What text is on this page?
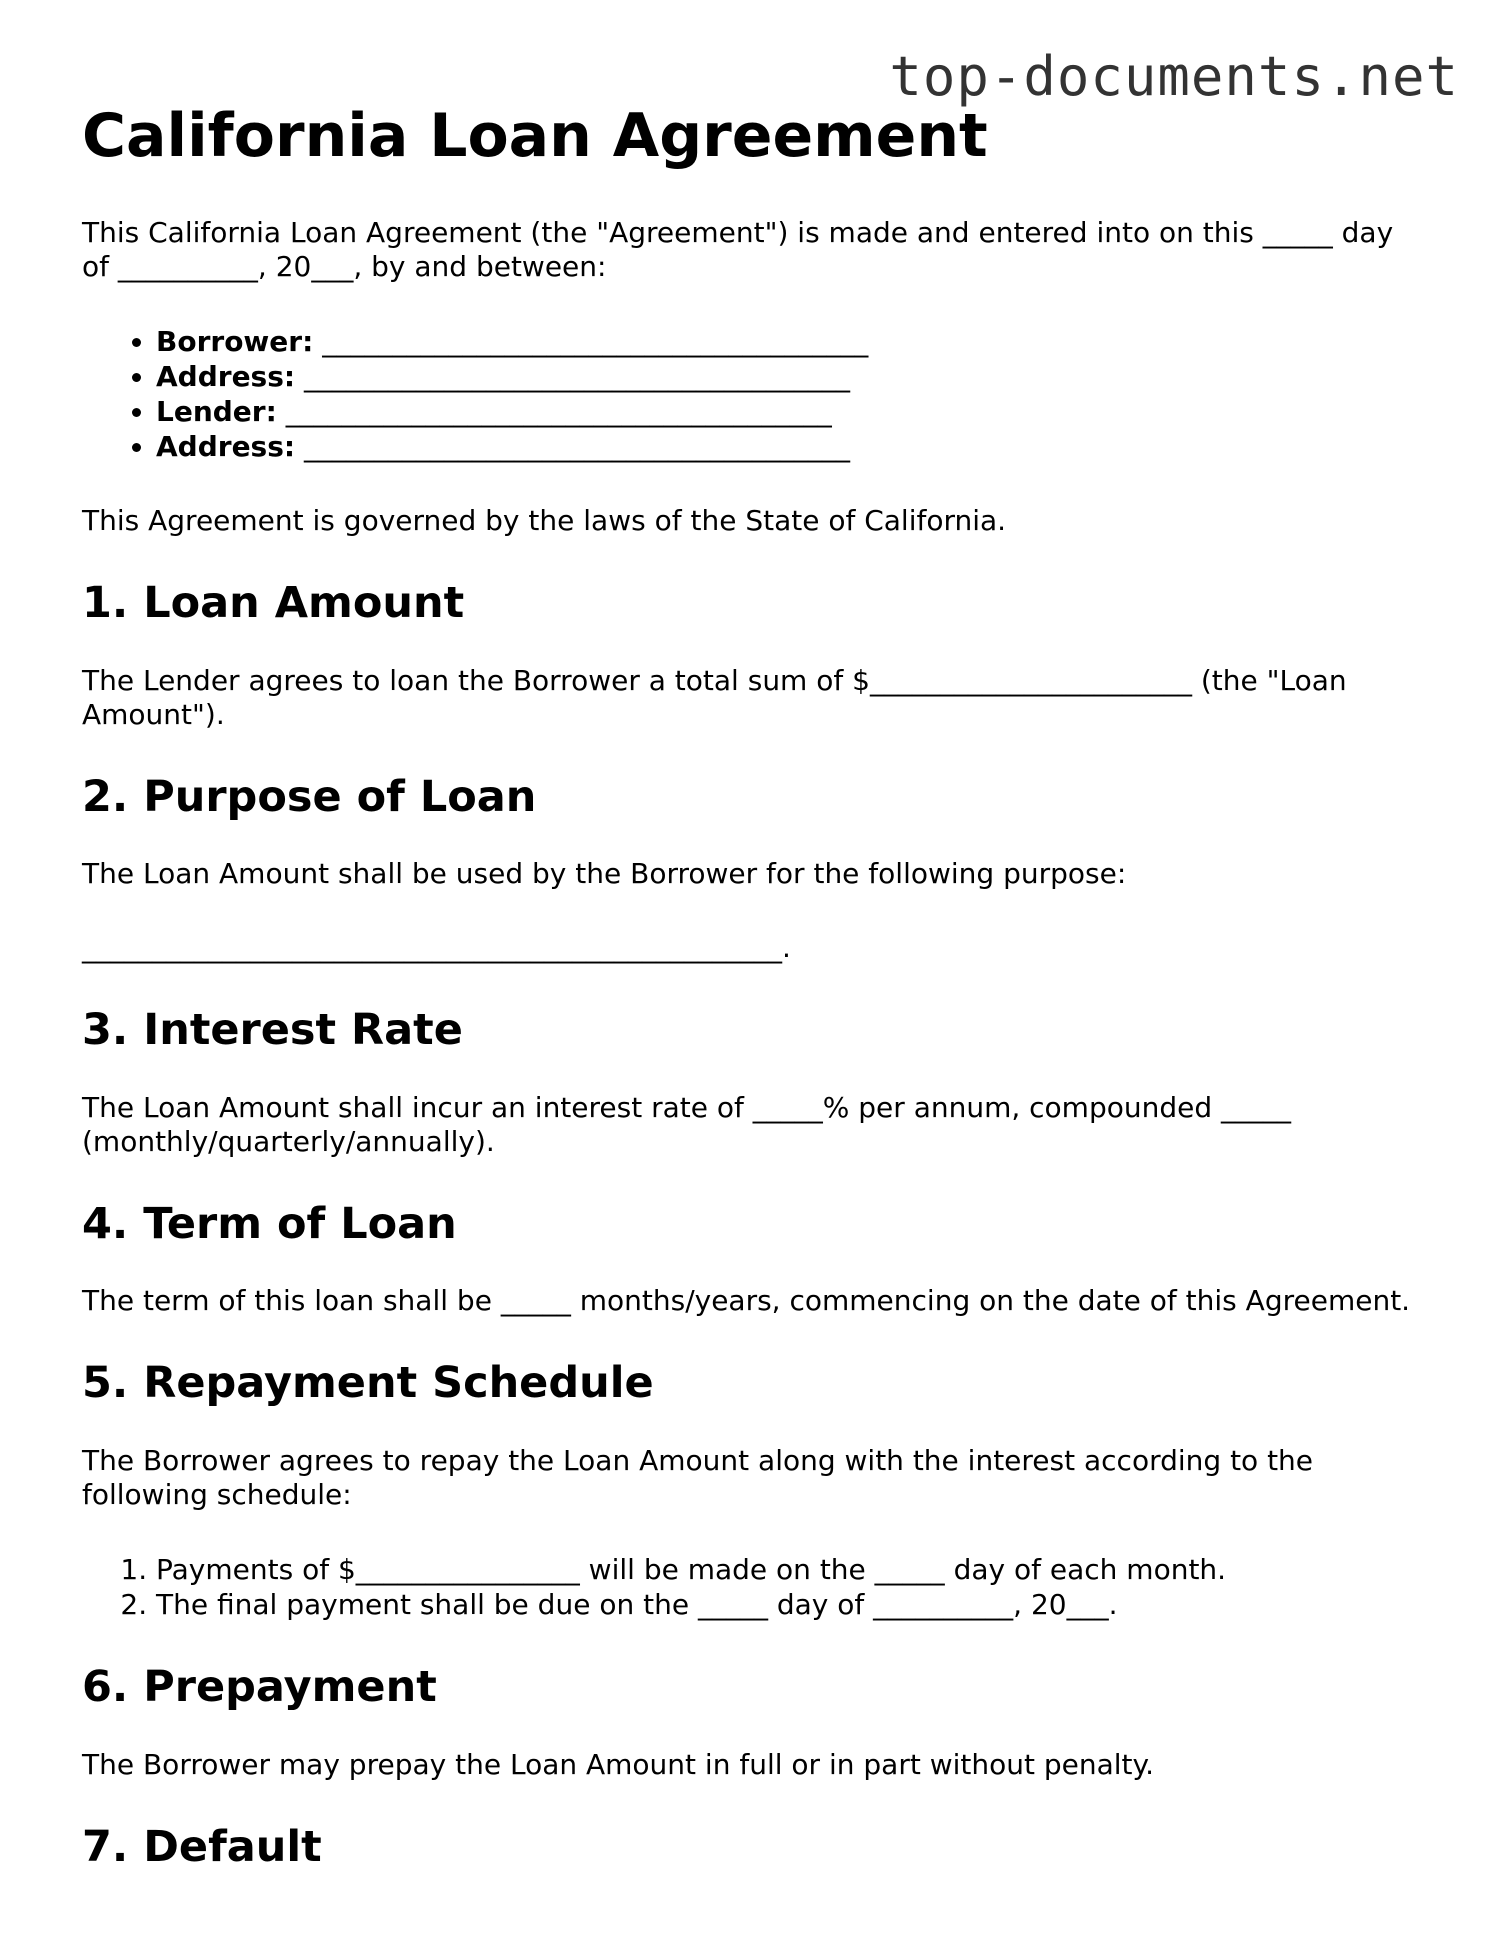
top-documents.net
California Loan Agreement

This California Loan Agreement (the "Agreement") is made and entered into on this _____ day of __________, 20___, by and between:

• Borrower: _______________________________________
• Address: _______________________________________
• Lender: _______________________________________
• Address: _______________________________________

This Agreement is governed by the laws of the State of California.

1. Loan Amount

The Lender agrees to loan the Borrower a total sum of $_______________________ (the "Loan Amount").

2. Purpose of Loan

The Loan Amount shall be used by the Borrower for the following purpose:

__________________________________________________.

3. Interest Rate

The Loan Amount shall incur an interest rate of _____% per annum, compounded _____ (monthly/quarterly/annually).

4. Term of Loan

The term of this loan shall be _____ months/years, commencing on the date of this Agreement.

5. Repayment Schedule

The Borrower agrees to repay the Loan Amount along with the interest according to the following schedule:

1. Payments of $________________ will be made on the _____ day of each month.
2. The final payment shall be due on the _____ day of __________, 20___.
6. Prepayment

The Borrower may prepay the Loan Amount in full or in part without penalty.

7. Default
